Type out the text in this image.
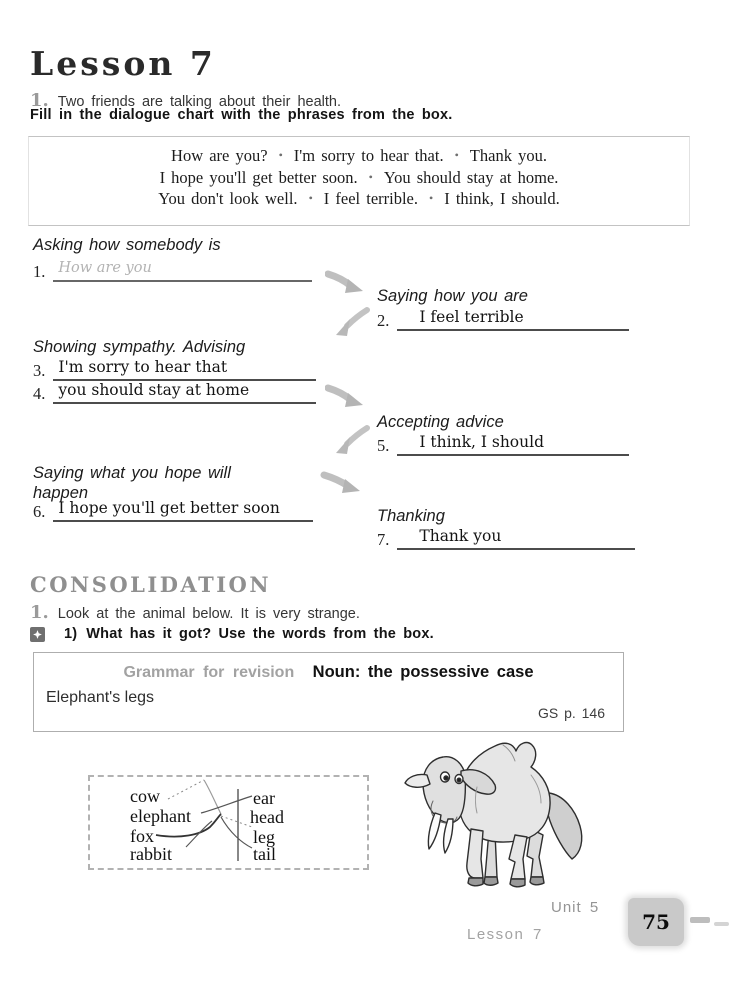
Lesson 7
1. Two friends are talking about their health.
Fill in the dialogue chart with the phrases from the box.
How are you? • I'm sorry to hear that. • Thank you.
I hope you'll get better soon. • You should stay at home.
You don't look well. • I feel terrible. • I think, I should.
Asking how somebody is
1. How are you
Showing sympathy. Advising
3. I'm sorry to hear that
4. you should stay at home
Saying what you hope will
happen
6. I hope you'll get better soon
Saying how you are
2.	I feel terrible
Accepting advice
5.	I think, I should
Thanking
7.	Thank you
CONSOLIDATION
1. Look at the animal below. It is very strange.
1) What has it got? Use the words from the box.
Grammar for revision Noun: the possessive case
Elephant's legs
GS p. 146
cow
elephant
fox
rabbit
ear
head
leg
tail
Unit 5
Lesson 7
75
